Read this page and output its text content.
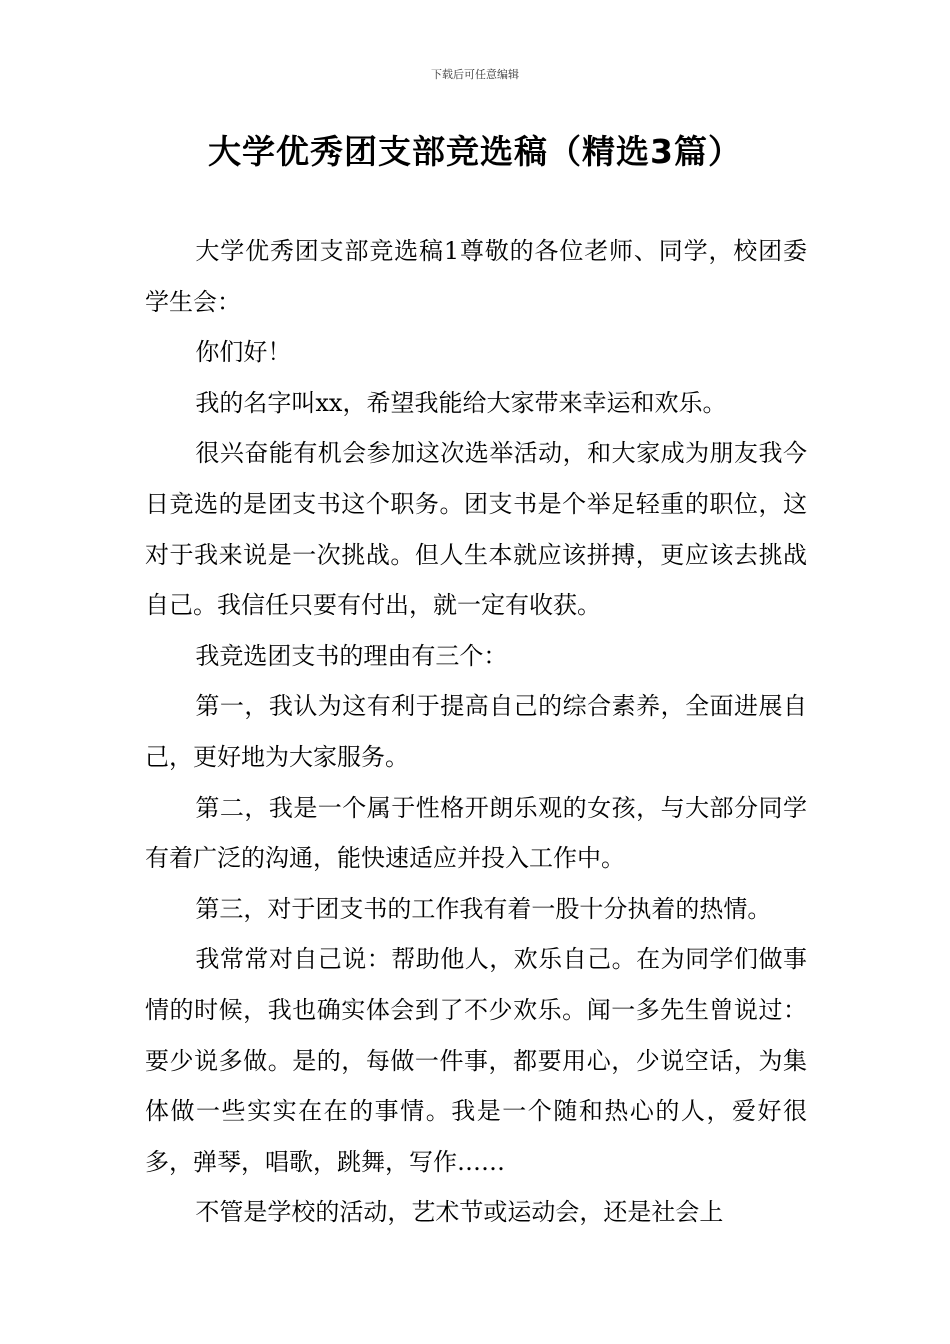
下载后可任意编辑
大学优秀团支部竞选稿（精选3篇）

大学优秀团支部竞选稿1尊敬的各位老师、同学，校团委学生会：

你们好！

我的名字叫xx，希望我能给大家带来幸运和欢乐。

很兴奋能有机会参加这次选举活动，和大家成为朋友我今日竞选的是团支书这个职务。团支书是个举足轻重的职位，这对于我来说是一次挑战。但人生本就应该拼搏，更应该去挑战自己。我信任只要有付出，就一定有收获。

我竞选团支书的理由有三个：

第一，我认为这有利于提高自己的综合素养，全面进展自己，更好地为大家服务。

第二，我是一个属于性格开朗乐观的女孩，与大部分同学有着广泛的沟通，能快速适应并投入工作中。

第三，对于团支书的工作我有着一股十分执着的热情。

我常常对自己说：帮助他人，欢乐自己。在为同学们做事情的时候，我也确实体会到了不少欢乐。闻一多先生曾说过：要少说多做。是的，每做一件事，都要用心，少说空话，为集体做一些实实在在的事情。我是一个随和热心的人，爱好很多，弹琴，唱歌，跳舞，写作……

不管是学校的活动，艺术节或运动会，还是社会上
